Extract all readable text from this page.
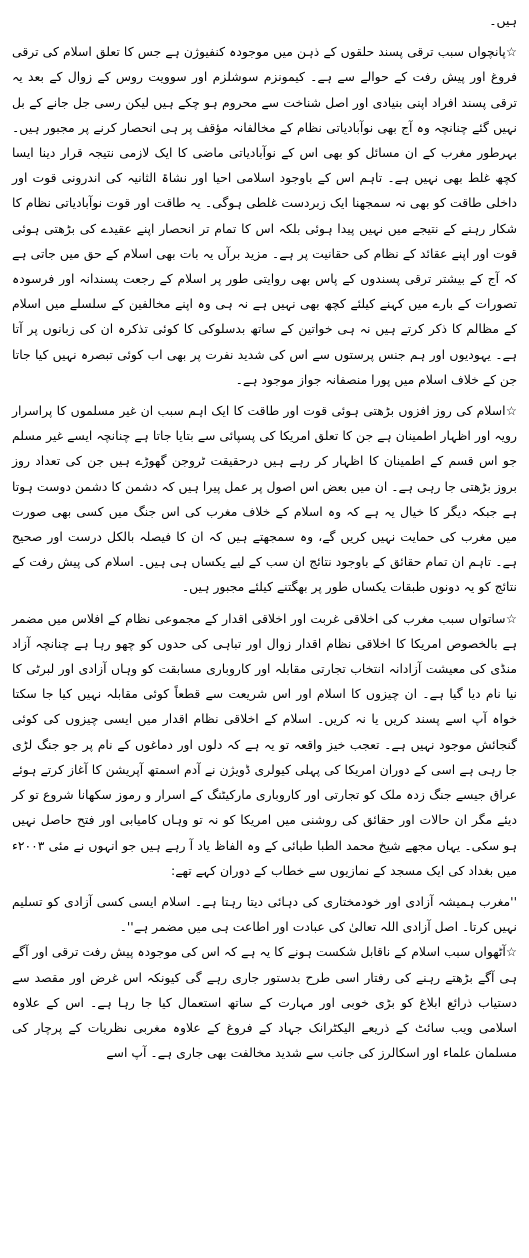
ہیں۔

☆پانچواں سبب ترقی پسند حلقوں کے ذہن میں موجودہ کنفیوژن ہے جس کا تعلق اسلام کی ترقی فروغ اور پیش رفت کے حوالے سے ہے۔ کیمونزم سوشلزم اور سوویت روس کے زوال کے بعد یہ ترقی پسند افراد اپنی بنیادی اور اصل شناخت سے محروم ہو چکے ہیں لیکن رسی جل جانے کے بل نہیں گئے چنانچہ وہ آج بھی نوآبادیاتی نظام کے مخالفانہ مؤقف پر ہی انحصار کرنے پر مجبور ہیں۔ بہرطور مغرب کے ان مسائل کو بھی اس کے نوآبادیاتی ماضی کا ایک لازمی نتیجہ قرار دینا ایسا کچھ غلط بھی نہیں ہے۔ تاہم اس کے باوجود اسلامی احیا اور نشاۃ الثانیہ کی اندرونی قوت اور داخلی طاقت کو بھی نہ سمجھنا ایک زبردست غلطی ہوگی۔ یہ طاقت اور قوت نوآبادیاتی نظام کا شکار رہنے کے نتیجے میں نہیں پیدا ہوئی بلکہ اس کا تمام تر انحصار اپنے عقیدے کی بڑھتی ہوئی قوت اور اپنے عقائد کے نظام کی حقانیت پر ہے۔ مزید برآں یہ بات بھی اسلام کے حق میں جاتی ہے کہ آج کے بیشتر ترقی پسندوں کے پاس بھی روایتی طور پر اسلام کے رجعت پسندانہ اور فرسودہ تصورات کے بارے میں کہنے کیلئے کچھ بھی نہیں ہے نہ ہی وہ اپنے مخالفین کے سلسلے میں اسلام کے مظالم کا ذکر کرتے ہیں نہ ہی خواتین کے ساتھ بدسلوکی کا کوئی تذکرہ ان کی زبانوں پر آتا ہے۔ یہودیوں اور ہم جنس پرستوں سے اس کی شدید نفرت پر بھی اب کوئی تبصرہ نہیں کیا جاتا جن کے خلاف اسلام میں پورا منصفانہ جواز موجود ہے۔

☆اسلام کی روز افزوں بڑھتی ہوئی قوت اور طاقت کا ایک اہم سبب ان غیر مسلموں کا پراسرار رویہ اور اظہار اطمینان ہے جن کا تعلق امریکا کی پسپائی سے بتایا جاتا ہے چنانچہ ایسے غیر مسلم جو اس قسم کے اطمینان کا اظہار کر رہے ہیں درحقیقت ٹروجن گھوڑے ہیں جن کی تعداد روز بروز بڑھتی جا رہی ہے۔ ان میں بعض اس اصول پر عمل پیرا ہیں کہ دشمن کا دشمن دوست ہوتا ہے جبکہ دیگر کا خیال یہ ہے کہ وہ اسلام کے خلاف مغرب کی اس جنگ میں کسی بھی صورت میں مغرب کی حمایت نہیں کریں گے، وہ سمجھتے ہیں کہ ان کا فیصلہ بالکل درست اور صحیح ہے۔ تاہم ان تمام حقائق کے باوجود نتائج ان سب کے لیے یکساں ہی ہیں۔ اسلام کی پیش رفت کے نتائج کو یہ دونوں طبقات یکساں طور پر بھگتنے کیلئے مجبور ہیں۔

☆ساتواں سبب مغرب کی اخلاقی غربت اور اخلاقی اقدار کے مجموعی نظام کے افلاس میں مضمر ہے بالخصوص امریکا کا اخلاقی نظام اقدار زوال اور تباہی کی حدوں کو چھو رہا ہے چنانچہ آزاد منڈی کی معیشت آزادانہ انتخاب تجارتی مقابلہ اور کاروباری مسابقت کو وہاں آزادی اور لبرٹی کا نیا نام دیا گیا ہے۔ ان چیزوں کا اسلام اور اس شریعت سے قطعاً کوئی مقابلہ نہیں کیا جا سکتا خواہ آپ اسے پسند کریں یا نہ کریں۔ اسلام کے اخلاقی نظام اقدار میں ایسی چیزوں کی کوئی گنجائش موجود نہیں ہے۔ تعجب خیز واقعہ تو یہ ہے کہ دلوں اور دماغوں کے نام پر جو جنگ لڑی جا رہی ہے اسی کے دوران امریکا کی پہلی کیولری ڈویژن نے آدم اسمتھ آپریشن کا آغاز کرتے ہوئے عراق جیسے جنگ زدہ ملک کو تجارتی اور کاروباری مارکیٹنگ کے اسرار و رموز سکھانا شروع تو کر دیئے مگر ان حالات اور حقائق کی روشنی میں امریکا کو نہ تو وہاں کامیابی اور فتح حاصل نہیں ہو سکی۔ یہاں مجھے شیخ محمد الطبا طبائی کے وہ الفاظ یاد آ رہے ہیں جو انہوں نے مئی ۲۰۰۳ء میں بغداد کی ایک مسجد کے نمازیوں سے خطاب کے دوران کہے تھے:

''مغرب ہمیشہ آزادی اور خودمختاری کی دہائی دیتا رہتا ہے۔ اسلام ایسی کسی آزادی کو تسلیم نہیں کرتا۔ اصل آزادی اللہ تعالیٰ کی عبادت اور اطاعت ہی میں مضمر ہے''۔

☆آٹھواں سبب اسلام کے ناقابل شکست ہونے کا یہ ہے کہ اس کی موجودہ پیش رفت ترقی اور آگے ہی آگے بڑھتے رہنے کی رفتار اسی طرح بدستور جاری رہے گی کیونکہ اس غرض اور مقصد سے دستیاب ذرائع ابلاغ کو بڑی خوبی اور مہارت کے ساتھ استعمال کیا جا رہا ہے۔ اس کے علاوہ اسلامی ویب سائٹ کے ذریعے الیکٹرانک جہاد کے فروغ کے علاوہ مغربی نظریات کے پرچار کی مسلمان علماء اور اسکالرز کی جانب سے شدید مخالفت بھی جاری ہے۔ آپ اسے
